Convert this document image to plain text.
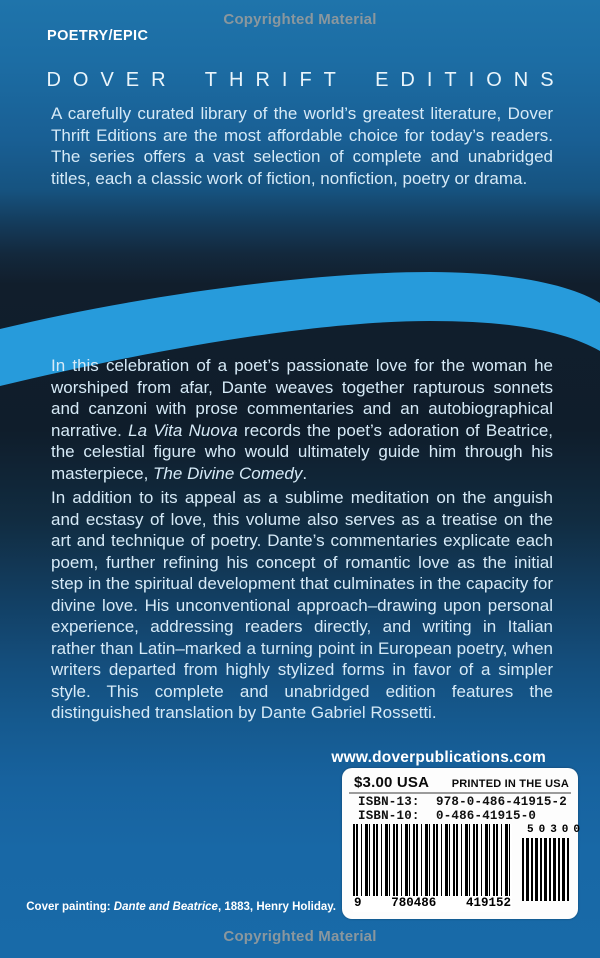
Copyrighted Material
POETRY/EPIC
DOVER THRIFT EDITIONS
A carefully curated library of the world’s greatest literature, Dover Thrift Editions are the most affordable choice for today’s readers. The series offers a vast selection of complete and unabridged titles, each a classic work of fiction, nonfiction, poetry or drama.
In this celebration of a poet’s passionate love for the woman he worshiped from afar, Dante weaves together rapturous sonnets and canzoni with prose commentaries and an autobiographical narrative. La Vita Nuova records the poet’s adoration of Beatrice, the celestial figure who would ultimately guide him through his masterpiece, The Divine Comedy.
In addition to its appeal as a sublime meditation on the anguish and ecstasy of love, this volume also serves as a treatise on the art and technique of poetry. Dante’s commentaries explicate each poem, further refining his concept of romantic love as the initial step in the spiritual development that culminates in the capacity for divine love. His unconventional approach–drawing upon personal experience, addressing readers directly, and writing in Italian rather than Latin–marked a turning point in European poetry, when writers departed from highly stylized forms in favor of a simpler style. This complete and unabridged edition features the distinguished translation by Dante Gabriel Rossetti.
www.doverpublications.com
$3.00 USA PRINTED IN THE USA
ISBN-13:	978-0-486-41915-2
ISBN-10:	0-486-41915-0
9 780486 419152
50300
Cover painting: Dante and Beatrice, 1883, Henry Holiday.
Copyrighted Material
